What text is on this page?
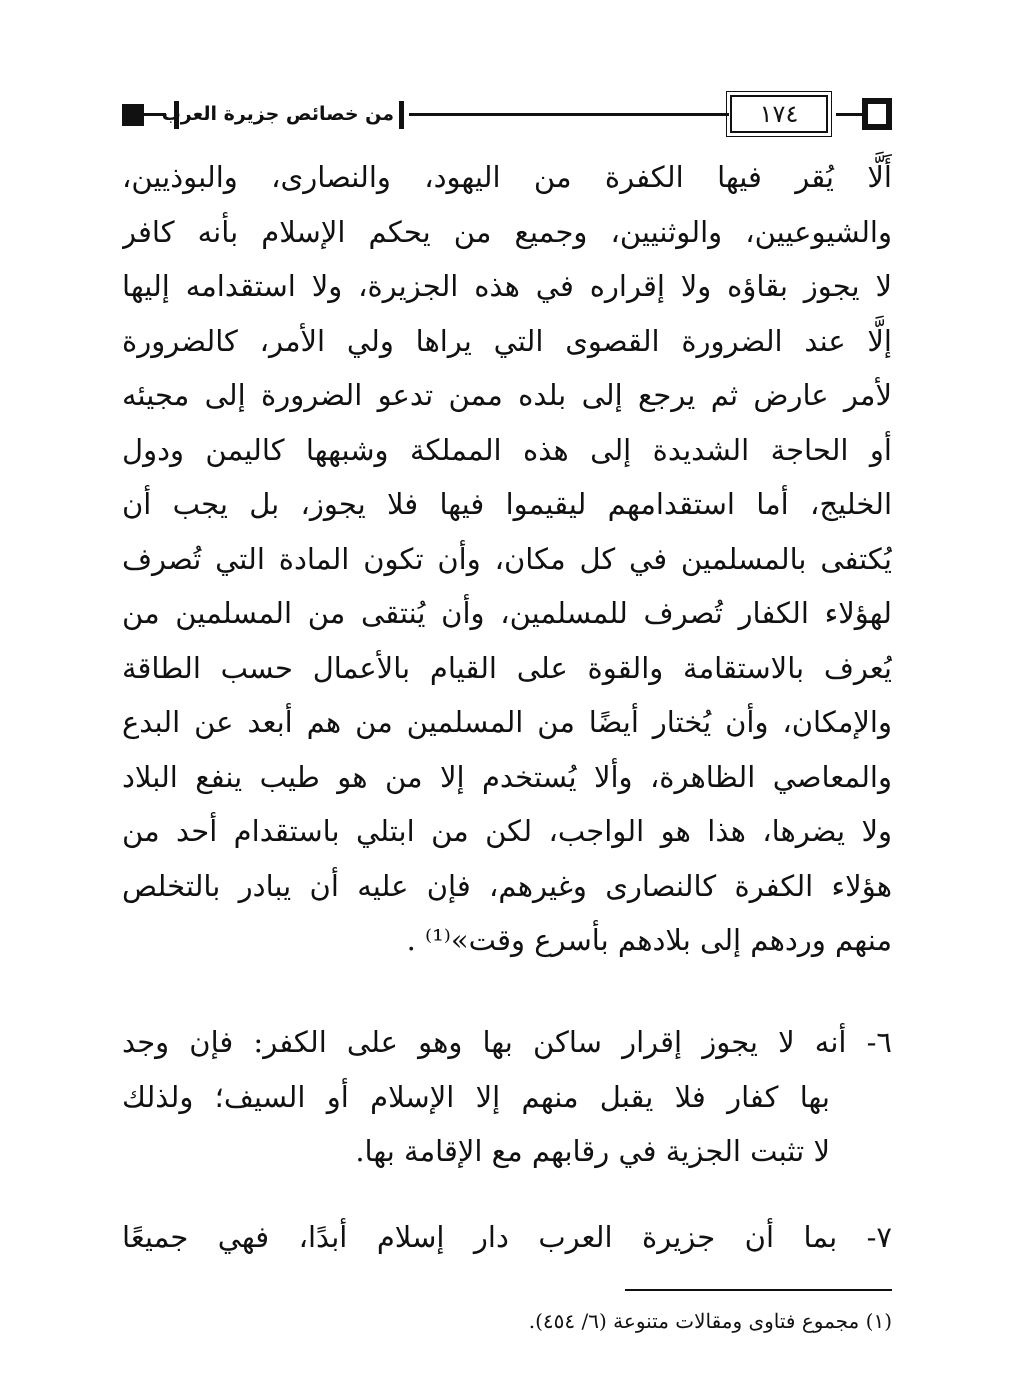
من خصائص جزيرة العرب	١٧٤
أَلَّا يُقر فيها الكفرة من اليهود، والنصارى، والبوذيين،
والشيوعيين، والوثنيين، وجميع من يحكم الإسلام بأنه كافر
لا يجوز بقاؤه ولا إقراره في هذه الجزيرة، ولا استقدامه إليها
إلَّا عند الضرورة القصوى التي يراها ولي الأمر، كالضرورة
لأمر عارض ثم يرجع إلى بلده ممن تدعو الضرورة إلى مجيئه
أو الحاجة الشديدة إلى هذه المملكة وشبهها كاليمن ودول
الخليج، أما استقدامهم ليقيموا فيها فلا يجوز، بل يجب أن
يُكتفى بالمسلمين في كل مكان، وأن تكون المادة التي تُصرف
لهؤلاء الكفار تُصرف للمسلمين، وأن يُنتقى من المسلمين من
يُعرف بالاستقامة والقوة على القيام بالأعمال حسب الطاقة
والإمكان، وأن يُختار أيضًا من المسلمين من هم أبعد عن البدع
والمعاصي الظاهرة، وألا يُستخدم إلا من هو طيب ينفع البلاد
ولا يضرها، هذا هو الواجب، لكن من ابتلي باستقدام أحد من
هؤلاء الكفرة كالنصارى وغيرهم، فإن عليه أن يبادر بالتخلص
منهم وردهم إلى بلادهم بأسرع وقت»⁽¹⁾ .
٦- أنه لا يجوز إقرار ساكن بها وهو على الكفر: فإن وجد
بها كفار فلا يقبل منهم إلا الإسلام أو السيف؛ ولذلك
لا تثبت الجزية في رقابهم مع الإقامة بها.
٧- بما أن جزيرة العرب دار إسلام أبدًا، فهي جميعًا
(١) مجموع فتاوى ومقالات متنوعة (٦/ ٤٥٤).
